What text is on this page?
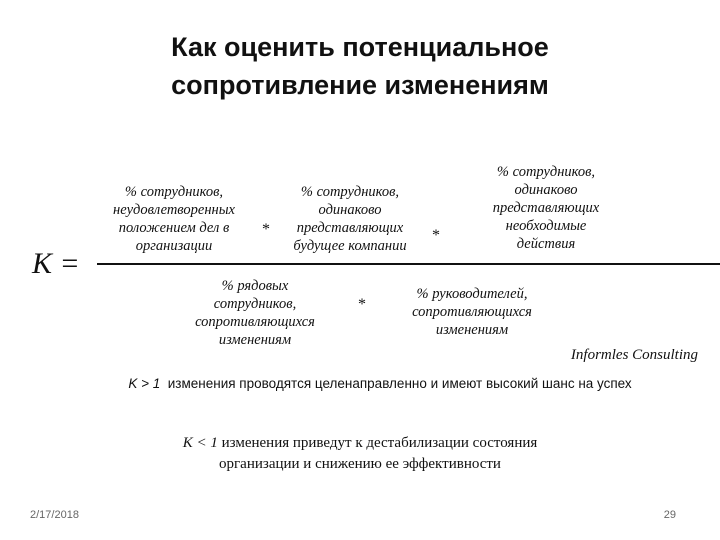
Как оценить потенциальное
сопротивление изменениям
% сотрудников,
неудовлетворенных
положением дел в
организации
*
% сотрудников,
одинаково
представляющих
будущее компании
*
% сотрудников,
одинаково
представляющих
необходимые
действия
K =
% рядовых
сотрудников,
сопротивляющихся
изменениям
*
% руководителей,
сопротивляющихся
изменениям
Informles Consulting
K > 1 изменения проводятся целенаправленно и имеют высокий шанс на успех
K < 1 изменения приведут к дестабилизации состояния
организации и снижению ее эффективности
2/17/2018	29
